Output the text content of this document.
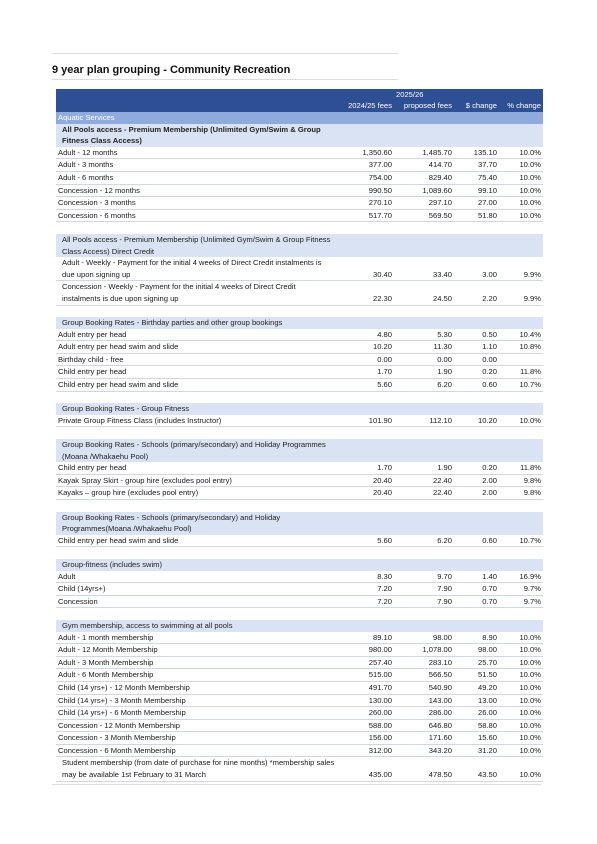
9 year plan grouping - Community Recreation
		2025/26		
	2024/25 fees	proposed fees	$ change	% change
Aquatic Services				
All Pools access - Premium Membership (Unlimited Gym/Swim & Group Fitness Class Access)				
Adult - 12 months	1,350.60	1,485.70	135.10	10.0%
Adult - 3 months	377.00	414.70	37.70	10.0%
Adult - 6 months	754.00	829.40	75.40	10.0%
Concession - 12 months	990.50	1,089.60	99.10	10.0%
Concession - 3 months	270.10	297.10	27.00	10.0%
Concession - 6 months	517.70	569.50	51.80	10.0%

All Pools access - Premium Membership (Unlimited Gym/Swim & Group Fitness Class Access) Direct Credit				
Adult - Weekly - Payment for the initial 4 weeks of Direct Credit instalments is due upon signing up	30.40	33.40	3.00	9.9%
Concession - Weekly - Payment for the initial 4 weeks of Direct Credit instalments is due upon signing up	22.30	24.50	2.20	9.9%

Group Booking Rates - Birthday parties and other group bookings				
Adult entry per head	4.80	5.30	0.50	10.4%
Adult entry per head swim and slide	10.20	11.30	1.10	10.8%
Birthday child - free	0.00	0.00	0.00	
Child entry per head	1.70	1.90	0.20	11.8%
Child entry per head swim and slide	5.60	6.20	0.60	10.7%

Group Booking Rates - Group Fitness				
Private Group Fitness Class (includes Instructor)	101.90	112.10	10.20	10.0%

Group Booking Rates - Schools (primary/secondary) and Holiday Programmes (Moana /Whakaehu Pool)				
Child entry per head	1.70	1.90	0.20	11.8%
Kayak Spray Skirt - group hire (excludes pool entry)	20.40	22.40	2.00	9.8%
Kayaks – group hire (excludes pool entry)	20.40	22.40	2.00	9.8%

Group Booking Rates - Schools (primary/secondary) and Holiday Programmes(Moana /Whakaehu Pool)				
Child entry per head swim and slide	5.60	6.20	0.60	10.7%

Group-fitness (includes swim)				
Adult	8.30	9.70	1.40	16.9%
Child (14yrs+)	7.20	7.90	0.70	9.7%
Concession	7.20	7.90	0.70	9.7%

Gym membership, access to swimming at all pools				
Adult - 1 month membership	89.10	98.00	8.90	10.0%
Adult - 12 Month Membership	980.00	1,078.00	98.00	10.0%
Adult - 3 Month Membership	257.40	283.10	25.70	10.0%
Adult - 6 Month Membership	515.00	566.50	51.50	10.0%
Child (14 yrs+) - 12 Month Membership	491.70	540.90	49.20	10.0%
Child (14 yrs+) - 3 Month Membership	130.00	143.00	13.00	10.0%
Child (14 yrs+) - 6 Month Membership	260.00	286.00	26.00	10.0%
Concession - 12 Month Membership	588.00	646.80	58.80	10.0%
Concession - 3 Month Membership	156.00	171.60	15.60	10.0%
Concession - 6 Month Membership	312.00	343.20	31.20	10.0%
Student membership (from date of purchase for nine months) *membership sales may be available 1st February to 31 March	435.00	478.50	43.50	10.0%
